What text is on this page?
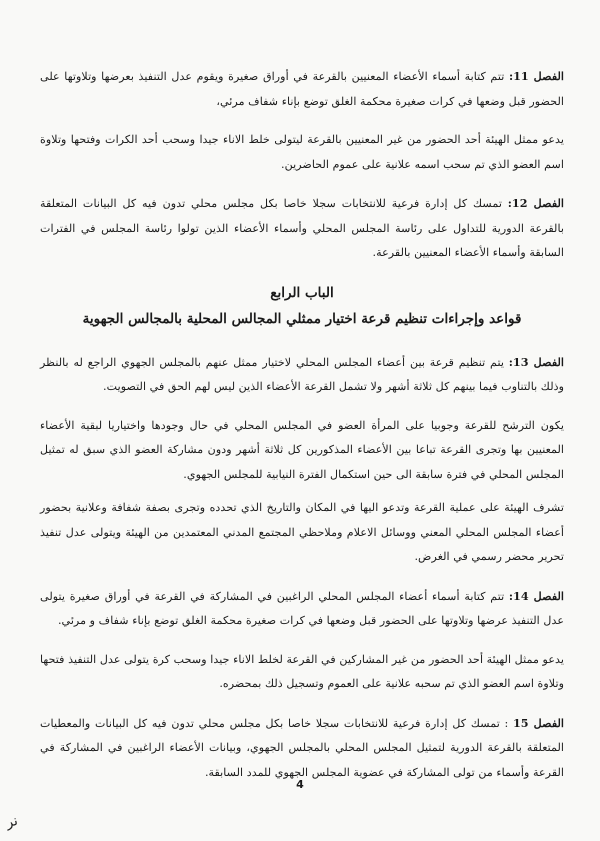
الفصل 11: تتم كتابة أسماء الأعضاء المعنيين بالقرعة في أوراق صغيرة ويقوم عدل التنفيذ بعرضها وتلاوتها على الحضور قبل وضعها في كرات صغيرة محكمة الغلق توضع بإناء شفاف مرئي،

يدعو ممثل الهيئة أحد الحضور من غير المعنيين بالقرعة ليتولى خلط الاناء جيدا وسحب أحد الكرات وفتحها وتلاوة اسم العضو الذي تم سحب اسمه علانية على عموم الحاضرين.

الفصل 12: تمسك كل إدارة فرعية للانتخابات سجلا خاصا بكل مجلس محلي تدون فيه كل البيانات المتعلقة بالقرعة الدورية للتداول على رئاسة المجلس المحلي وأسماء الأعضاء الذين تولوا رئاسة المجلس في الفترات السابقة وأسماء الأعضاء المعنيين بالقرعة.

الباب الرابع

قواعد وإجراءات تنظيم قرعة اختيار ممثلي المجالس المحلية بالمجالس الجهوية

الفصل 13: يتم تنظيم قرعة بين أعضاء المجلس المحلي لاختيار ممثل عنهم بالمجلس الجهوي الراجع له بالنظر وذلك بالتناوب فيما بينهم كل ثلاثة أشهر ولا تشمل القرعة الأعضاء الذين ليس لهم الحق في التصويت.

يكون الترشح للقرعة وجوبيا على المرأة العضو في المجلس المحلي في حال وجودها واختياريا لبقية الأعضاء المعنيين بها وتجرى القرعة تباعا بين الأعضاء المذكورين كل ثلاثة أشهر ودون مشاركة العضو الذي سبق له تمثيل المجلس المحلي في فترة سابقة الى حين استكمال الفترة النيابية للمجلس الجهوي.

تشرف الهيئة على عملية القرعة وتدعو اليها في المكان والتاريخ الذي تحدده وتجرى بصفة شفافة وعلانية بحضور أعضاء المجلس المحلي المعني ووسائل الاعلام وملاحظي المجتمع المدني المعتمدين من الهيئة ويتولى عدل تنفيذ تحرير محضر رسمي في الغرض.

الفصل 14: تتم كتابة أسماء أعضاء المجلس المحلي الراغبين في المشاركة في القرعة في أوراق صغيرة يتولى عدل التنفيذ عرضها وتلاوتها على الحضور قبل وضعها في كرات صغيرة محكمة الغلق توضع بإناء شفاف و مرئي.

يدعو ممثل الهيئة أحد الحضور من غير المشاركين في القرعة لخلط الاناء جيدا وسحب كرة يتولى عدل التنفيذ فتحها وتلاوة اسم العضو الذي تم سحبه علانية على العموم وتسجيل ذلك بمحضره.

الفصل 15 : تمسك كل إدارة فرعية للانتخابات سجلا خاصا بكل مجلس محلي تدون فيه كل البيانات والمعطيات المتعلقة بالقرعة الدورية لتمثيل المجلس المحلي بالمجلس الجهوي، وبيانات الأعضاء الراغبين في المشاركة في القرعة وأسماء من تولى المشاركة في عضوية المجلس الجهوي للمدد السابقة.

4
نر
